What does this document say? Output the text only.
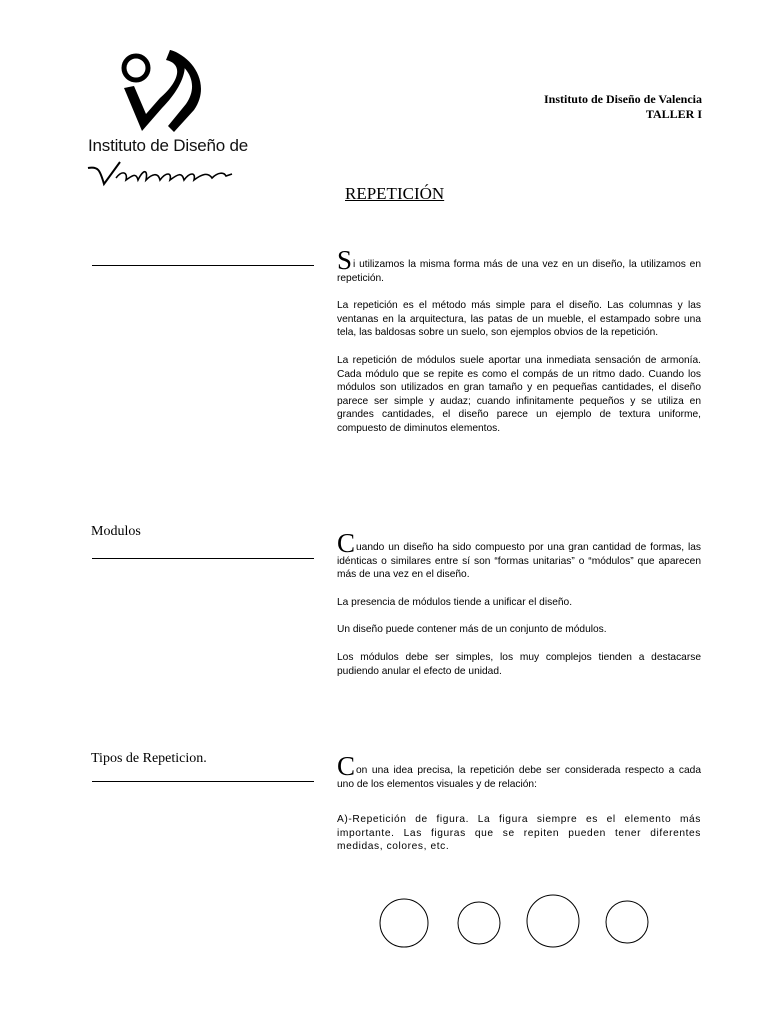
Instituto de Diseño de
Instituto de Diseño de Valencia
TALLER I
REPETICIÓN
Modulos
Tipos de Repeticion.

Si utilizamos la misma forma más de una vez en un diseño, la utilizamos en repetición.

La repetición es el método más simple para el diseño. Las columnas y las ventanas en la arquitectura, las patas de un mueble, el estampado sobre una tela, las baldosas sobre un suelo, son ejemplos obvios de la repetición.

La repetición de módulos suele aportar una inmediata sensación de armonía. Cada módulo que se repite es como el compás de un ritmo dado. Cuando los módulos son utilizados en gran tamaño y en pequeñas cantidades, el diseño parece ser simple y audaz; cuando infinitamente pequeños y se utiliza en grandes cantidades, el diseño parece un ejemplo de textura uniforme, compuesto de diminutos elementos.

Cuando un diseño ha sido compuesto por una gran cantidad de formas, las idénticas o similares entre sí son “formas unitarias” o “módulos” que aparecen más de una vez en el diseño.

La presencia de módulos tiende a unificar el diseño.

Un diseño puede contener más de un conjunto de módulos.

Los módulos debe ser simples, los muy complejos tienden a destacarse pudiendo anular el efecto de unidad.

Con una idea precisa, la repetición debe ser considerada respecto a cada uno de los elementos visuales y de relación:

A)-Repetición de figura. La figura siempre es el elemento más importante. Las figuras que se repiten pueden tener diferentes medidas, colores, etc.
